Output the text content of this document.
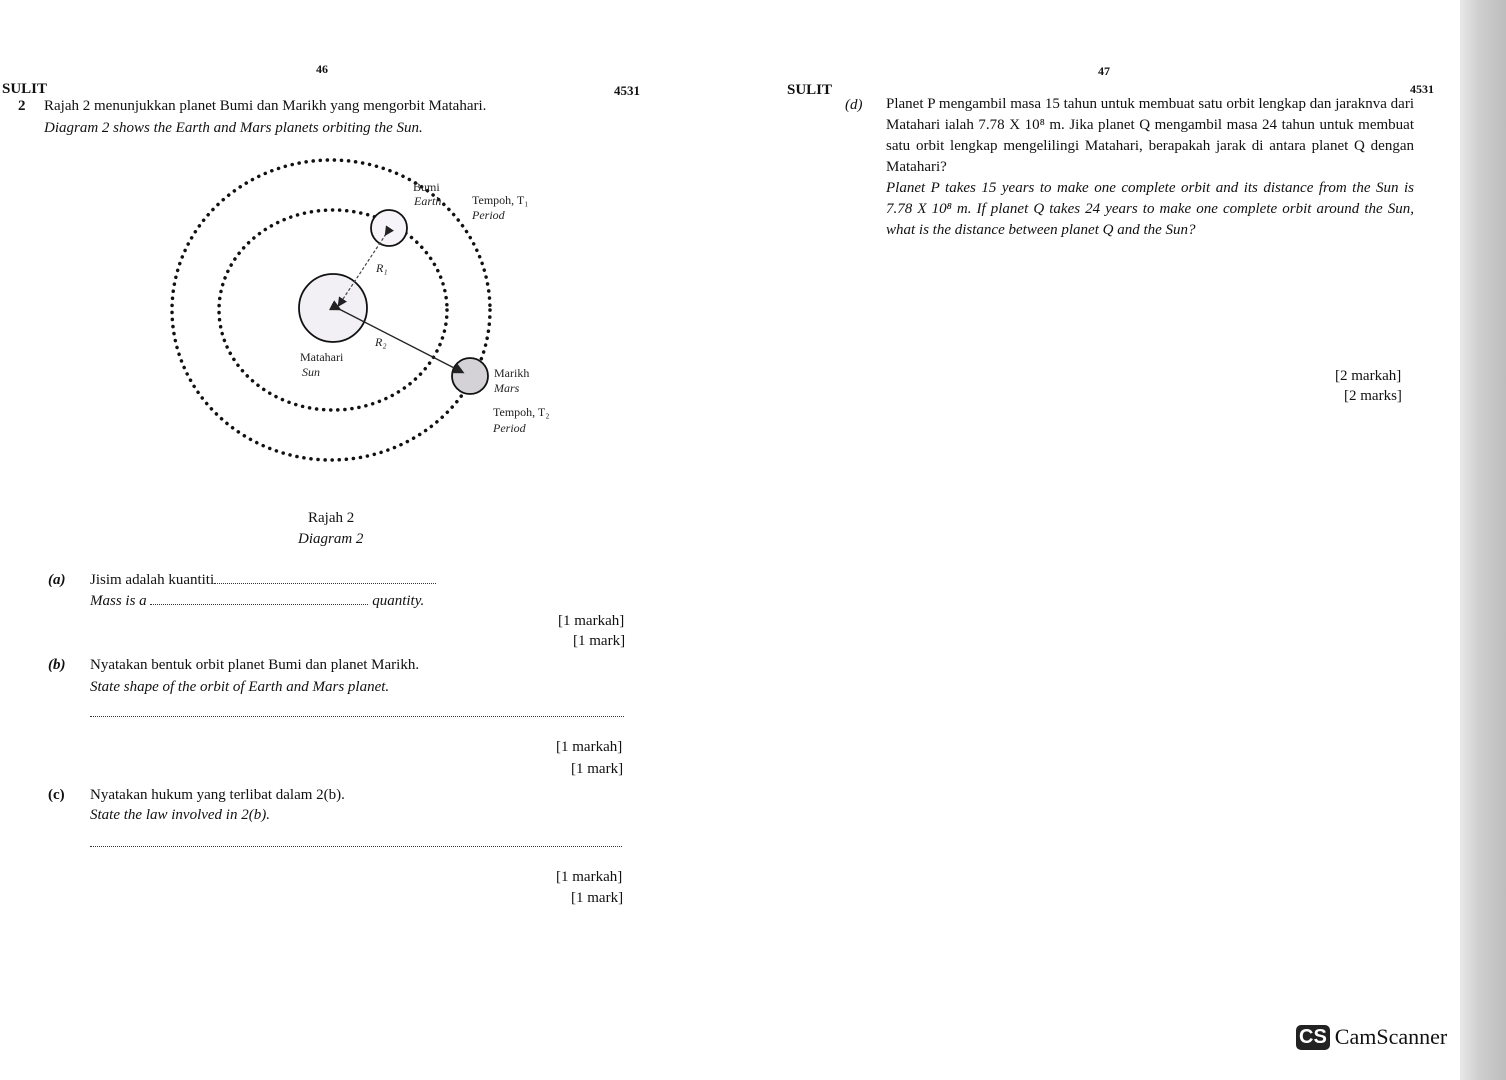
46
SULIT	4531
2 Rajah 2 menunjukkan planet Bumi dan Marikh yang mengorbit Matahari.
Diagram 2 shows the Earth and Mars planets orbiting the Sun.
Bumi
Earth	Tempoh, T₁
Period
R₁
R₂
Matahari
Sun	Marikh
Mars
Tempoh, T₂
Period
Rajah 2
Diagram 2
(a) Jisim adalah kuantiti
Mass is a	quantity.
[1 markah]
[1 mark]
(b) Nyatakan bentuk orbit planet Bumi dan planet Marikh.
State shape of the orbit of Earth and Mars planet.
[1 markah]
[1 mark]
(c) Nyatakan hukum yang terlibat dalam 2(b).
State the law involved in 2(b).
[1 markah]
[1 mark]
47
SULIT	4531
(d) Planet P mengambil masa 15 tahun untuk membuat satu orbit lengkap dan jaraknva dari Matahari ialah 7.78 X 10⁸ m. Jika planet Q mengambil masa 24 tahun untuk membuat satu orbit lengkap mengelilingi Matahari, berapakah jarak di antara planet Q dengan Matahari?
Planet P takes 15 years to make one complete orbit and its distance from the Sun is 7.78 X 10⁸ m. If planet Q takes 24 years to make one complete orbit around the Sun, what is the distance between planet Q and the Sun?
[2 markah]
[2 marks]
CS CamScanner
